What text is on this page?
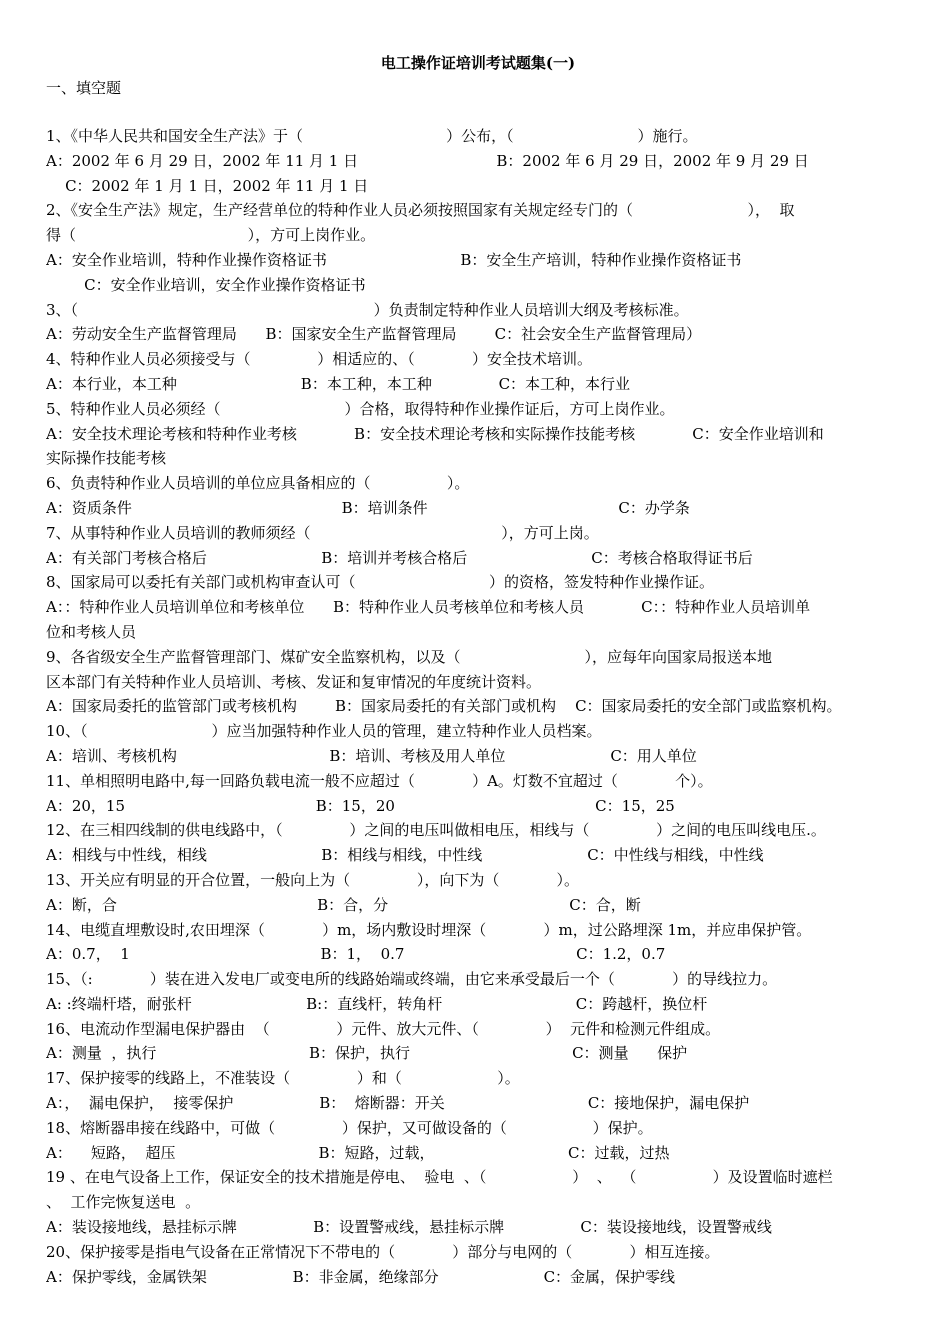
电工操作证培训考试题集(一)
一、填空题
1、《中华人民共和国安全生产法》于（                              ）公布，（                          ）施行。
A：2002 年 6 月 29 日，2002 年 11 月 1 日                             B：2002 年 6 月 29 日，2002 年 9 月 29 日
C：2002 年 1 月 1 日，2002 年 11 月 1 日
2、《安全生产法》规定，生产经营单位的特种作业人员必须按照国家有关规定经专门的（                        ），  取
得（                                    ），方可上岗作业。
A：安全作业培训，特种作业操作资格证书                            B：安全生产培训，特种作业操作资格证书
C：安全作业培训，安全作业操作资格证书
3、（                                                              ）负责制定特种作业人员培训大纲及考核标准。
A：劳动安全生产监督管理局      B：国家安全生产监督管理局        C：社会安全生产监督管理局）
4、特种作业人员必须接受与（              ）相适应的、（            ）安全技术培训。
A：本行业，本工种                          B：本工种，本工种              C：本工种，本行业
5、特种作业人员必须经（                          ）合格，取得特种作业操作证后，方可上岗作业。
A：安全技术理论考核和特种作业考核            B：安全技术理论考核和实际操作技能考核            C：安全作业培训和
实际操作技能考核
6、负责特种作业人员培训的单位应具备相应的（                ）。
A：资质条件                                            B：培训条件                                        C：办学条
7、从事特种作业人员培训的教师须经（                                        ），方可上岗。
A：有关部门考核合格后                        B：培训并考核合格后                          C：考核合格取得证书后
8、国家局可以委托有关部门或机构审查认可（                            ）的资格，签发特种作业操作证。
A：：特种作业人员培训单位和考核单位      B：特种作业人员考核单位和考核人员            C：：特种作业人员培训单
位和考核人员
9、各省级安全生产监督管理部门、煤矿安全监察机构，以及（                          ），应每年向国家局报送本地
区本部门有关特种作业人员培训、考核、发证和复审情况的年度统计资料。
A：国家局委托的监管部门或考核机构        B：国家局委托的有关部门或机构    C：国家局委托的安全部门或监察机构。
10、（                          ）应当加强特种作业人员的管理，建立特种作业人员档案。
A：培训、考核机构                                B：培训、考核及用人单位                      C：用人单位
11、单相照明电路中,每一回路负载电流一般不应超过（            ）A。灯数不宜超过（            个）。
A：20，15                                        B：15，20                                          C：15，25
12、在三相四线制的供电线路中，（              ）之间的电压叫做相电压，相线与（              ）之间的电压叫线电压.。
A：相线与中性线，相线                        B：相线与相线，中性线                      C：中性线与相线，中性线
13、开关应有明显的开合位置，一般向上为（              ），向下为（            ）。
A：断，合                                          B：合，分                                      C：合，断
14、电缆直埋敷设时,农田埋深（            ）m，场内敷设时埋深（            ）m，过公路埋深 1m，并应串保护管。
A：0.7，  1                                        B：1，  0.7                                    C：1.2，0.7
15、（:            ）装在进入发电厂或变电所的线路始端或终端，由它来承受最后一个（            ）的导线拉力。
A: :终端杆塔，耐张杆                        B:：直线杆，转角杆                            C：跨越杆，换位杆
16、电流动作型漏电保护器由  （              ）元件、放大元件、（              ）  元件和检测元件组成。
A：测量  ，执行                                B：保护，执行                                  C：测量      保护
17、保护接零的线路上，不准装设（              ）和（                    ）。
A：，  漏电保护，  接零保护                  B：  熔断器：开关                              C：接地保护，漏电保护
18、熔断器串接在线路中，可做（              ）保护，又可做设备的（                  ）保护。
A：    短路，  超压                              B：短路，过载，                            C：过载，过热
19 、在电气设备上工作，保证安全的技术措施是停电、  验电  、（                  ）  、  （                ）及设置临时遮栏
、  工作完恢复送电  。
A：装设接地线，悬挂标示牌                B：设置警戒线，悬挂标示牌                C：装设接地线，设置警戒线
20、保护接零是指电气设备在正常情况下不带电的（            ）部分与电网的（            ）相互连接。
A：保护零线，金属铁架                  B：非金属，绝缘部分                      C：金属，保护零线
